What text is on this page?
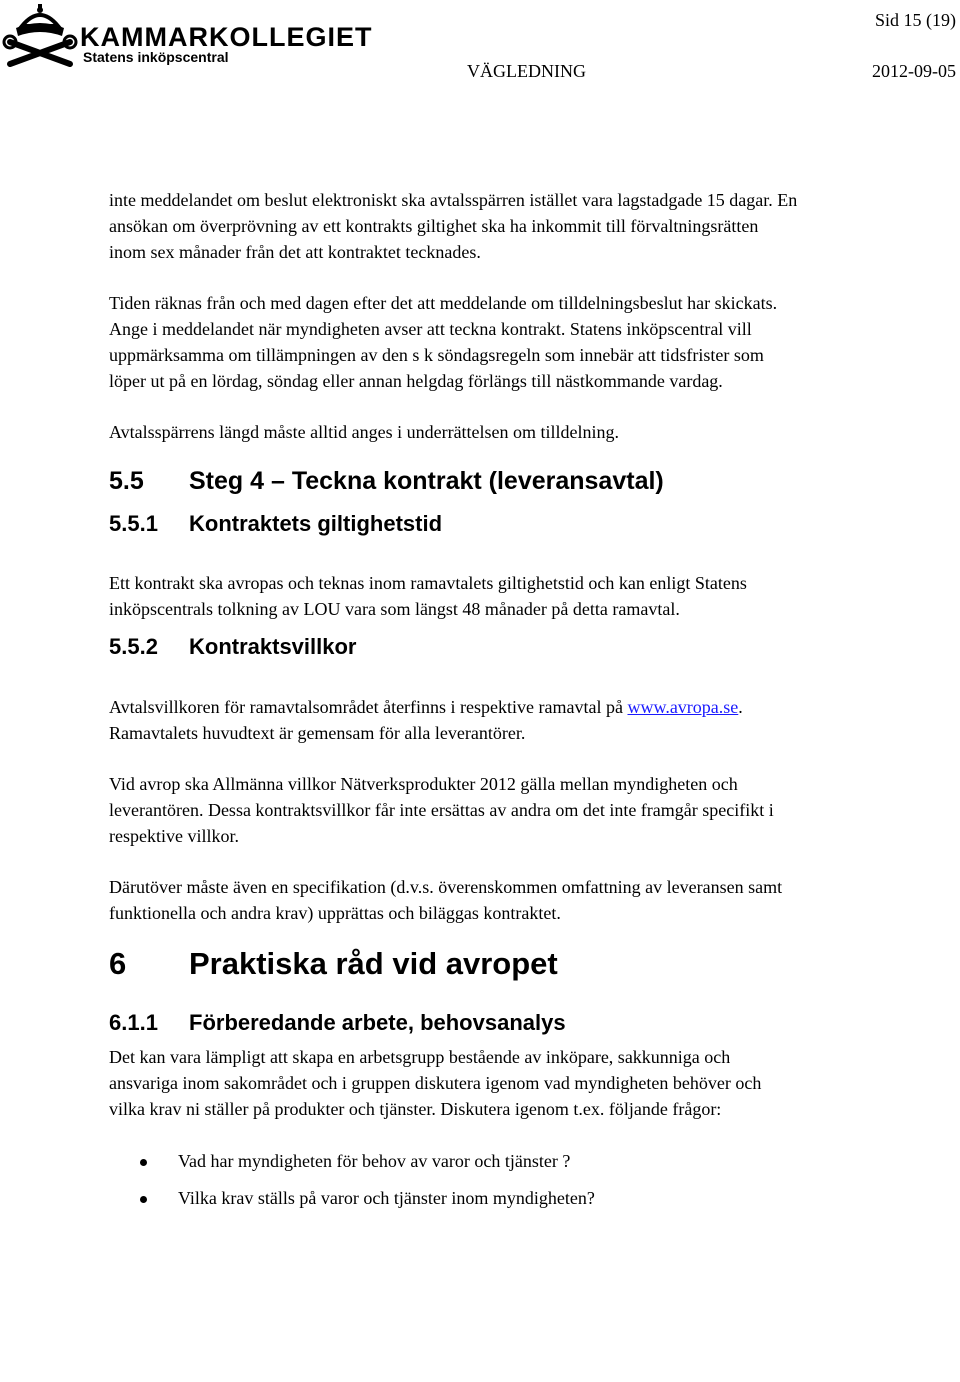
KAMMARKOLLEGIET
Statens inköpscentral
Sid 15 (19)
VÄGLEDNING	2012-09-05

inte meddelandet om beslut elektroniskt ska avtalsspärren istället vara lagstadgade 15 dagar. En ansökan om överprövning av ett kontrakts giltighet ska ha inkommit till förvaltningsrätten inom sex månader från det att kontraktet tecknades.

Tiden räknas från och med dagen efter det att meddelande om tilldelningsbeslut har skickats. Ange i meddelandet när myndigheten avser att teckna kontrakt. Statens inköpscentral vill uppmärksamma om tillämpningen av den s k söndagsregeln som innebär att tidsfrister som löper ut på en lördag, söndag eller annan helgdag förlängs till nästkommande vardag.

Avtalsspärrens längd måste alltid anges i underrättelsen om tilldelning.

5.5	Steg 4 – Teckna kontrakt (leveransavtal)
5.5.1	Kontraktets giltighetstid

Ett kontrakt ska avropas och teknas inom ramavtalets giltighetstid och kan enligt Statens inköpscentrals tolkning av LOU vara som längst 48 månader på detta ramavtal.

5.5.2	Kontraktsvillkor

Avtalsvillkoren för ramavtalsområdet återfinns i respektive ramavtal på www.avropa.se. Ramavtalets huvudtext är gemensam för alla leverantörer.

Vid avrop ska Allmänna villkor Nätverksprodukter 2012 gälla mellan myndigheten och leverantören. Dessa kontraktsvillkor får inte ersättas av andra om det inte framgår specifikt i respektive villkor.

Därutöver måste även en specifikation (d.v.s. överenskommen omfattning av leveransen samt funktionella och andra krav) upprättas och biläggas kontraktet.

6	Praktiska råd vid avropet
6.1.1	Förberedande arbete, behovsanalys

Det kan vara lämpligt att skapa en arbetsgrupp bestående av inköpare, sakkunniga och ansvariga inom sakområdet och i gruppen diskutera igenom vad myndigheten behöver och vilka krav ni ställer på produkter och tjänster. Diskutera igenom t.ex. följande frågor:

Vad har myndigheten för behov av varor och tjänster ?
Vilka krav ställs på varor och tjänster inom myndigheten?
